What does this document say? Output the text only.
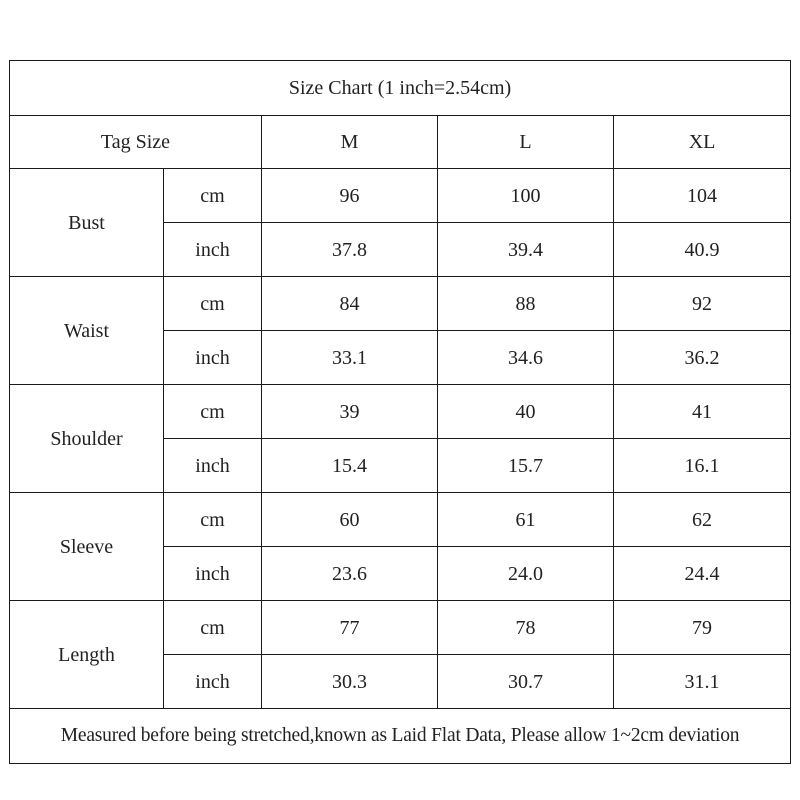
Size Chart (1 inch=2.54cm)				
Tag Size		M	L	XL
Bust	cm	96	100	104
	inch	37.8	39.4	40.9
Waist	cm	84	88	92
	inch	33.1	34.6	36.2
Shoulder	cm	39	40	41
	inch	15.4	15.7	16.1
Sleeve	cm	60	61	62
	inch	23.6	24.0	24.4
Length	cm	77	78	79
	inch	30.3	30.7	31.1
Measured before being stretched,known as Laid Flat Data, Please allow 1~2cm deviation				
